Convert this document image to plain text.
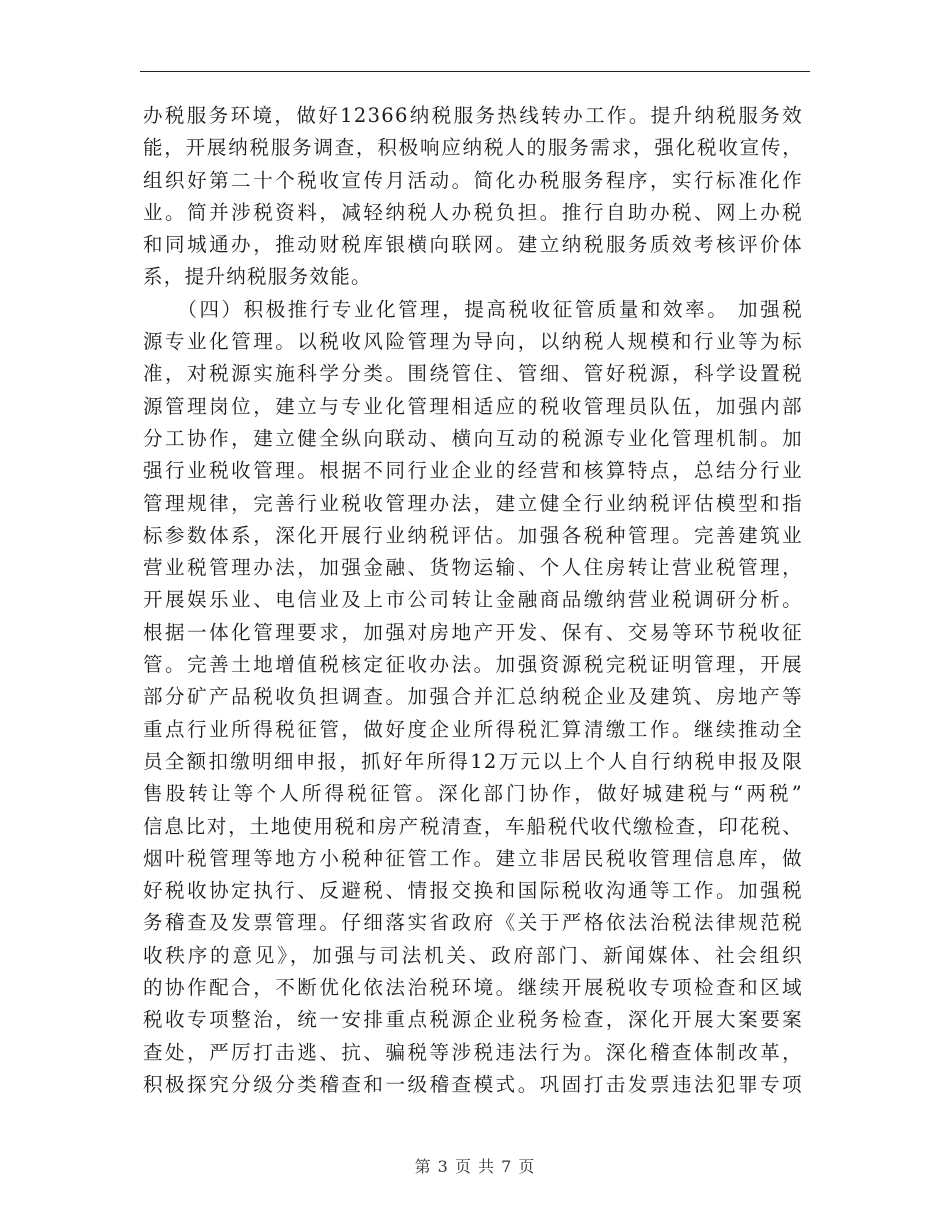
办税服务环境，做好12366纳税服务热线转办工作。提升纳税服务效
能，开展纳税服务调查，积极响应纳税人的服务需求，强化税收宣传，
组织好第二十个税收宣传月活动。简化办税服务程序，实行标准化作
业。简并涉税资料，减轻纳税人办税负担。推行自助办税、网上办税
和同城通办，推动财税库银横向联网。建立纳税服务质效考核评价体
系，提升纳税服务效能。
　　（四）积极推行专业化管理，提高税收征管质量和效率。 加强税
源专业化管理。以税收风险管理为导向，以纳税人规模和行业等为标
准，对税源实施科学分类。围绕管住、管细、管好税源，科学设置税
源管理岗位，建立与专业化管理相适应的税收管理员队伍，加强内部
分工协作，建立健全纵向联动、横向互动的税源专业化管理机制。加
强行业税收管理。根据不同行业企业的经营和核算特点，总结分行业
管理规律，完善行业税收管理办法，建立健全行业纳税评估模型和指
标参数体系，深化开展行业纳税评估。加强各税种管理。完善建筑业
营业税管理办法，加强金融、货物运输、个人住房转让营业税管理，
开展娱乐业、电信业及上市公司转让金融商品缴纳营业税调研分析。
根据一体化管理要求，加强对房地产开发、保有、交易等环节税收征
管。完善土地增值税核定征收办法。加强资源税完税证明管理，开展
部分矿产品税收负担调查。加强合并汇总纳税企业及建筑、房地产等
重点行业所得税征管，做好度企业所得税汇算清缴工作。继续推动全
员全额扣缴明细申报，抓好年所得12万元以上个人自行纳税申报及限
售股转让等个人所得税征管。深化部门协作，做好城建税与“两税”
信息比对，土地使用税和房产税清查，车船税代收代缴检查，印花税、
烟叶税管理等地方小税种征管工作。建立非居民税收管理信息库，做
好税收协定执行、反避税、情报交换和国际税收沟通等工作。加强税
务稽查及发票管理。仔细落实省政府《关于严格依法治税法律规范税
收秩序的意见》，加强与司法机关、政府部门、新闻媒体、社会组织
的协作配合，不断优化依法治税环境。继续开展税收专项检查和区域
税收专项整治，统一安排重点税源企业税务检查，深化开展大案要案
查处，严厉打击逃、抗、骗税等涉税违法行为。深化稽查体制改革，
积极探究分级分类稽查和一级稽查模式。巩固打击发票违法犯罪专项
第 3 页 共 7 页
